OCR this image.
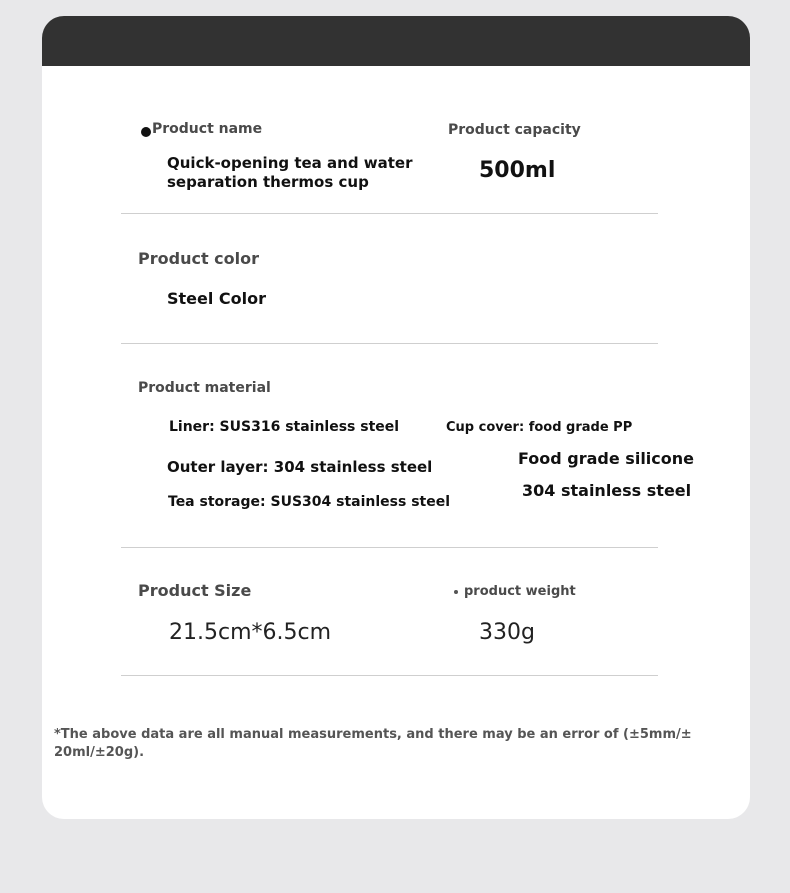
Product name
Quick-opening tea and water
separation thermos cup
Product capacity
500ml
Product color
Steel Color
Product material
Liner: SUS316 stainless steel
Outer layer: 304 stainless steel
Tea storage: SUS304 stainless steel
Cup cover: food grade PP
Food grade silicone
304 stainless steel
Product Size
21.5cm*6.5cm
product weight
330g
*The above data are all manual measurements, and there may be an error of (±5mm/±
20ml/±20g).
